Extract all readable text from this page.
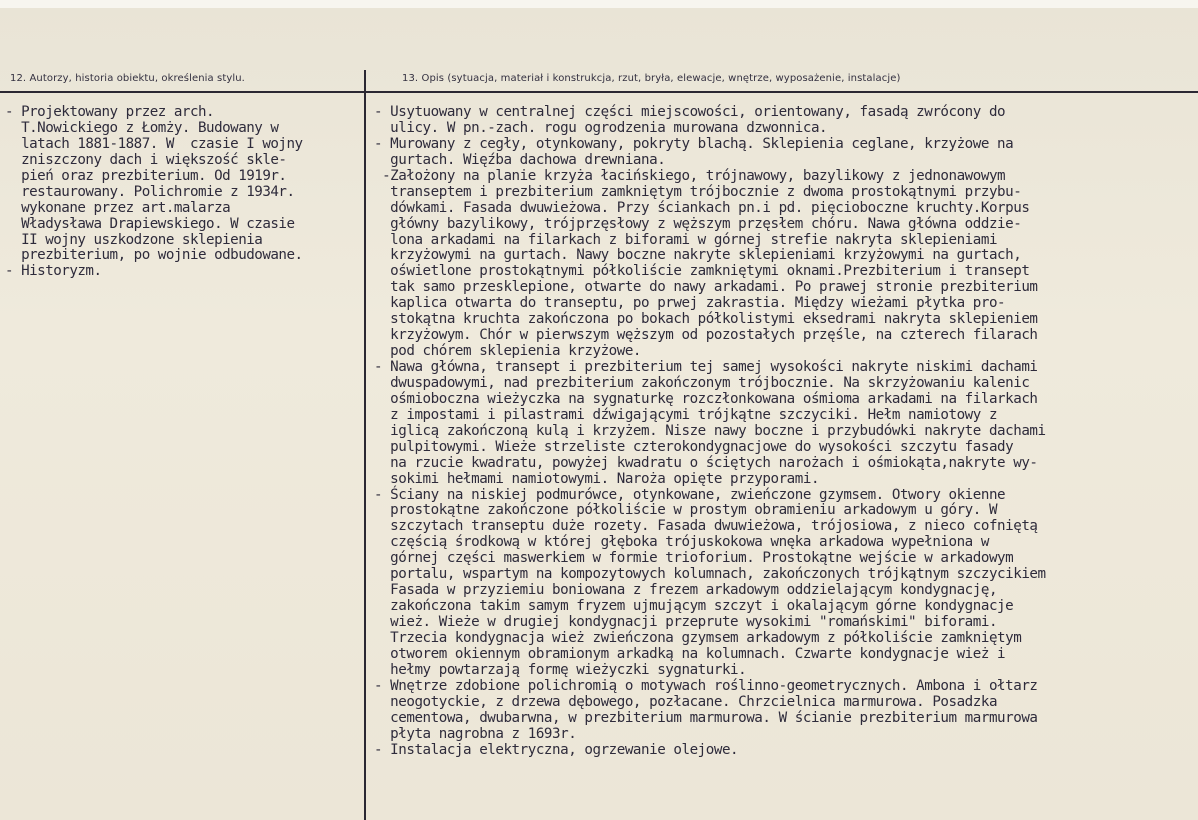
12. Autorzy, historia obiektu, określenia stylu.	13. Opis (sytuacja, materiał i konstrukcja, rzut, bryła, elewacje, wnętrze, wyposażenie, instalacje)
- Projektowany przez arch.
T.Nowickiego z Łomży. Budowany w
latach 1881-1887. W  czasie I wojny
zniszczony dach i większość skle-
pień oraz prezbiterium. Od 1919r.
restaurowany. Polichromie z 1934r.
wykonane przez art.malarza
Władysława Drapiewskiego. W czasie
II wojny uszkodzone sklepienia
prezbiterium, po wojnie odbudowane.
- Historyzm.
- Usytuowany w centralnej części miejscowości, orientowany, fasadą zwrócony do
ulicy. W pn.-zach. rogu ogrodzenia murowana dzwonnica.
- Murowany z cegły, otynkowany, pokryty blachą. Sklepienia ceglane, krzyżowe na
gurtach. Więźba dachowa drewniana.
-Założony na planie krzyża łacińskiego, trójnawowy, bazylikowy z jednonawowym
transeptem i prezbiterium zamkniętym trójbocznie z dwoma prostokątnymi przybu-
dówkami. Fasada dwuwieżowa. Przy ściankach pn.i pd. pięcioboczne kruchty.Korpus
główny bazylikowy, trójprzęsłowy z węższym przęsłem chóru. Nawa główna oddzie-
lona arkadami na filarkach z biforami w górnej strefie nakryta sklepieniami
krzyżowymi na gurtach. Nawy boczne nakryte sklepieniami krzyżowymi na gurtach,
oświetlone prostokątnymi półkoliście zamkniętymi oknami.Prezbiterium i transept
tak samo przesklepione, otwarte do nawy arkadami. Po prawej stronie prezbiterium
kaplica otwarta do transeptu, po prwej zakrastia. Między wieżami płytka pro-
stokątna kruchta zakończona po bokach półkolistymi eksedrami nakryta sklepieniem
krzyżowym. Chór w pierwszym węższym od pozostałych przęśle, na czterech filarach
pod chórem sklepienia krzyżowe.
- Nawa główna, transept i prezbiterium tej samej wysokości nakryte niskimi dachami
dwuspadowymi, nad prezbiterium zakończonym trójbocznie. Na skrzyżowaniu kalenic
ośmioboczna wieżyczka na sygnaturkę rozczłonkowana ośmioma arkadami na filarkach
z impostami i pilastrami dźwigającymi trójkątne szczyciki. Hełm namiotowy z
iglicą zakończoną kulą i krzyżem. Nisze nawy boczne i przybudówki nakryte dachami
pulpitowymi. Wieże strzeliste czterokondygnacjowe do wysokości szczytu fasady
na rzucie kwadratu, powyżej kwadratu o ściętych narożach i ośmiokąta,nakryte wy-
sokimi hełmami namiotowymi. Naroża opięte przyporami.
- Ściany na niskiej podmurówce, otynkowane, zwieńczone gzymsem. Otwory okienne
prostokątne zakończone półkoliście w prostym obramieniu arkadowym u góry. W
szczytach transeptu duże rozety. Fasada dwuwieżowa, trójosiowa, z nieco cofniętą
częścią środkową w której głęboka trójuskokowa wnęka arkadowa wypełniona w
górnej części maswerkiem w formie trioforium. Prostokątne wejście w arkadowym
portalu, wspartym na kompozytowych kolumnach, zakończonych trójkątnym szczycikiem
Fasada w przyziemiu boniowana z frezem arkadowym oddzielającym kondygnację,
zakończona takim samym fryzem ujmującym szczyt i okalającym górne kondygnacje
wież. Wieże w drugiej kondygnacji przeprute wysokimi "romańskimi" biforami.
Trzecia kondygnacja wież zwieńczona gzymsem arkadowym z półkoliście zamkniętym
otworem okiennym obramionym arkadką na kolumnach. Czwarte kondygnacje wież i
hełmy powtarzają formę wieżyczki sygnaturki.
- Wnętrze zdobione polichromią o motywach roślinno-geometrycznych. Ambona i ołtarz
neogotyckie, z drzewa dębowego, pozłacane. Chrzcielnica marmurowa. Posadzka
cementowa, dwubarwna, w prezbiterium marmurowa. W ścianie prezbiterium marmurowa
płyta nagrobna z 1693r.
- Instalacja elektryczna, ogrzewanie olejowe.
